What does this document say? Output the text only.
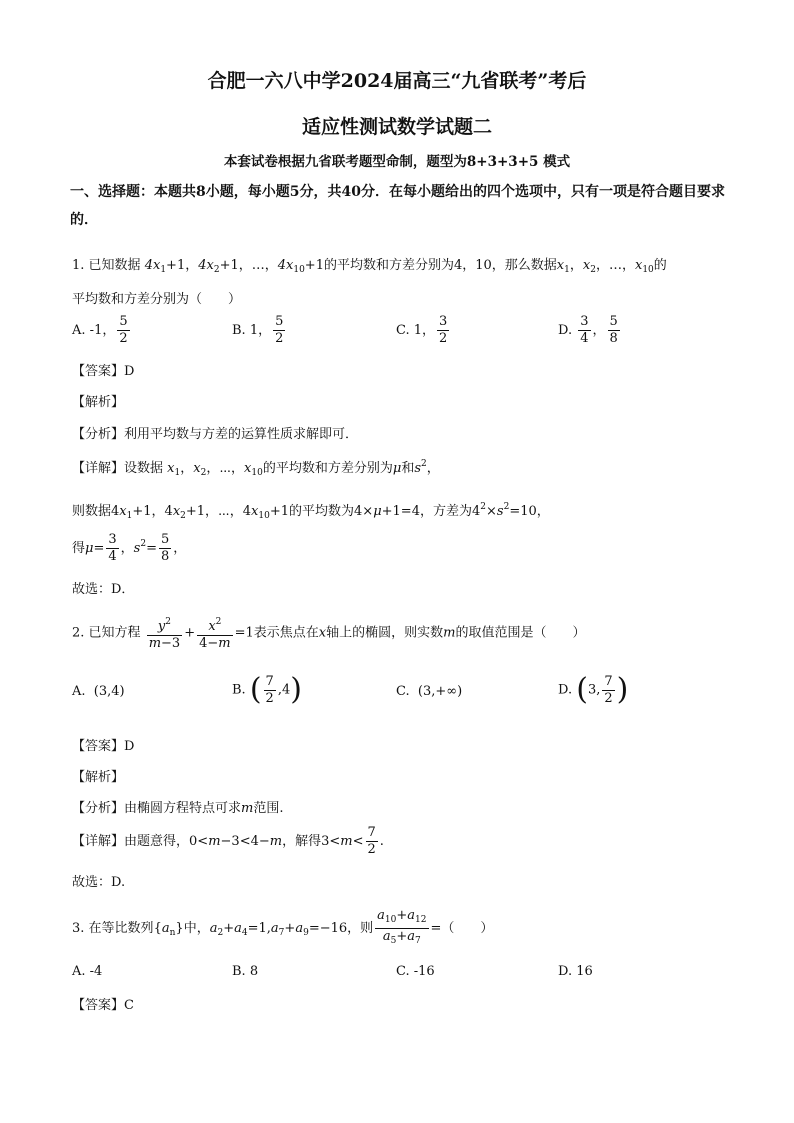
合肥一六八中学2024届高三“九省联考”考后
适应性测试数学试题二
本套试卷根据九省联考题型命制，题型为8+3+3+5 模式
一、选择题：本题共8小题，每小题5分，共40分．在每小题给出的四个选项中，只有一项是符合题目要求的．
1. 已知数据 $4x_1+1$，$4x_2+1$，…，$4x_{10}+1$的平均数和方差分别为4，10，那么数据$x_1$，$x_2$，…，$x_{10}$的
平均数和方差分别为（　　）
A. -1， $\frac{5}{2}$	B. 1， $\frac{5}{2}$	C. 1， $\frac{3}{2}$	D. $\frac{3}{4}$ ， $\frac{5}{8}$
【答案】D
【解析】
【分析】利用平均数与方差的运算性质求解即可．
【详解】设数据 $x_1$，$x_2$，⋯，$x_{10}$的平均数和方差分别为μ和$s^2$，
则数据$4x_1+1$，$4x_2+1$，⋯，$4x_{10}+1$的平均数为4×μ+1=4，方差为$4^2\times s^2=10$，
得$\mu= \frac{3}{4}$ ，$s^2= \frac{5}{8}$ ，
故选：D．
2. 已知方程 $\frac{y^2}{m-3} + \frac{x^2}{4-m} =1$表示焦点在x轴上的椭圆，则实数m的取值范围是（　　）
A. (3,4)	B. ( $\frac{7}{2} ,4$)	C. (3,+∞)	D. (3, $\frac{7}{2}$ )
【答案】D
【解析】
【分析】由椭圆方程特点可求m范围.
【详解】由题意得，0<m−3<4−m，解得$3<m< \frac{7}{2}$ .
故选：D.
3. 在等比数列$\{a_n\}$中，$a_2+a_4=1,a_7+a_9=-16$，则 $\frac{a_{10}+a_{12}}{a_5+a_7}$ =（　　）
A. -4	B. 8	C. -16	D. 16
【答案】C
